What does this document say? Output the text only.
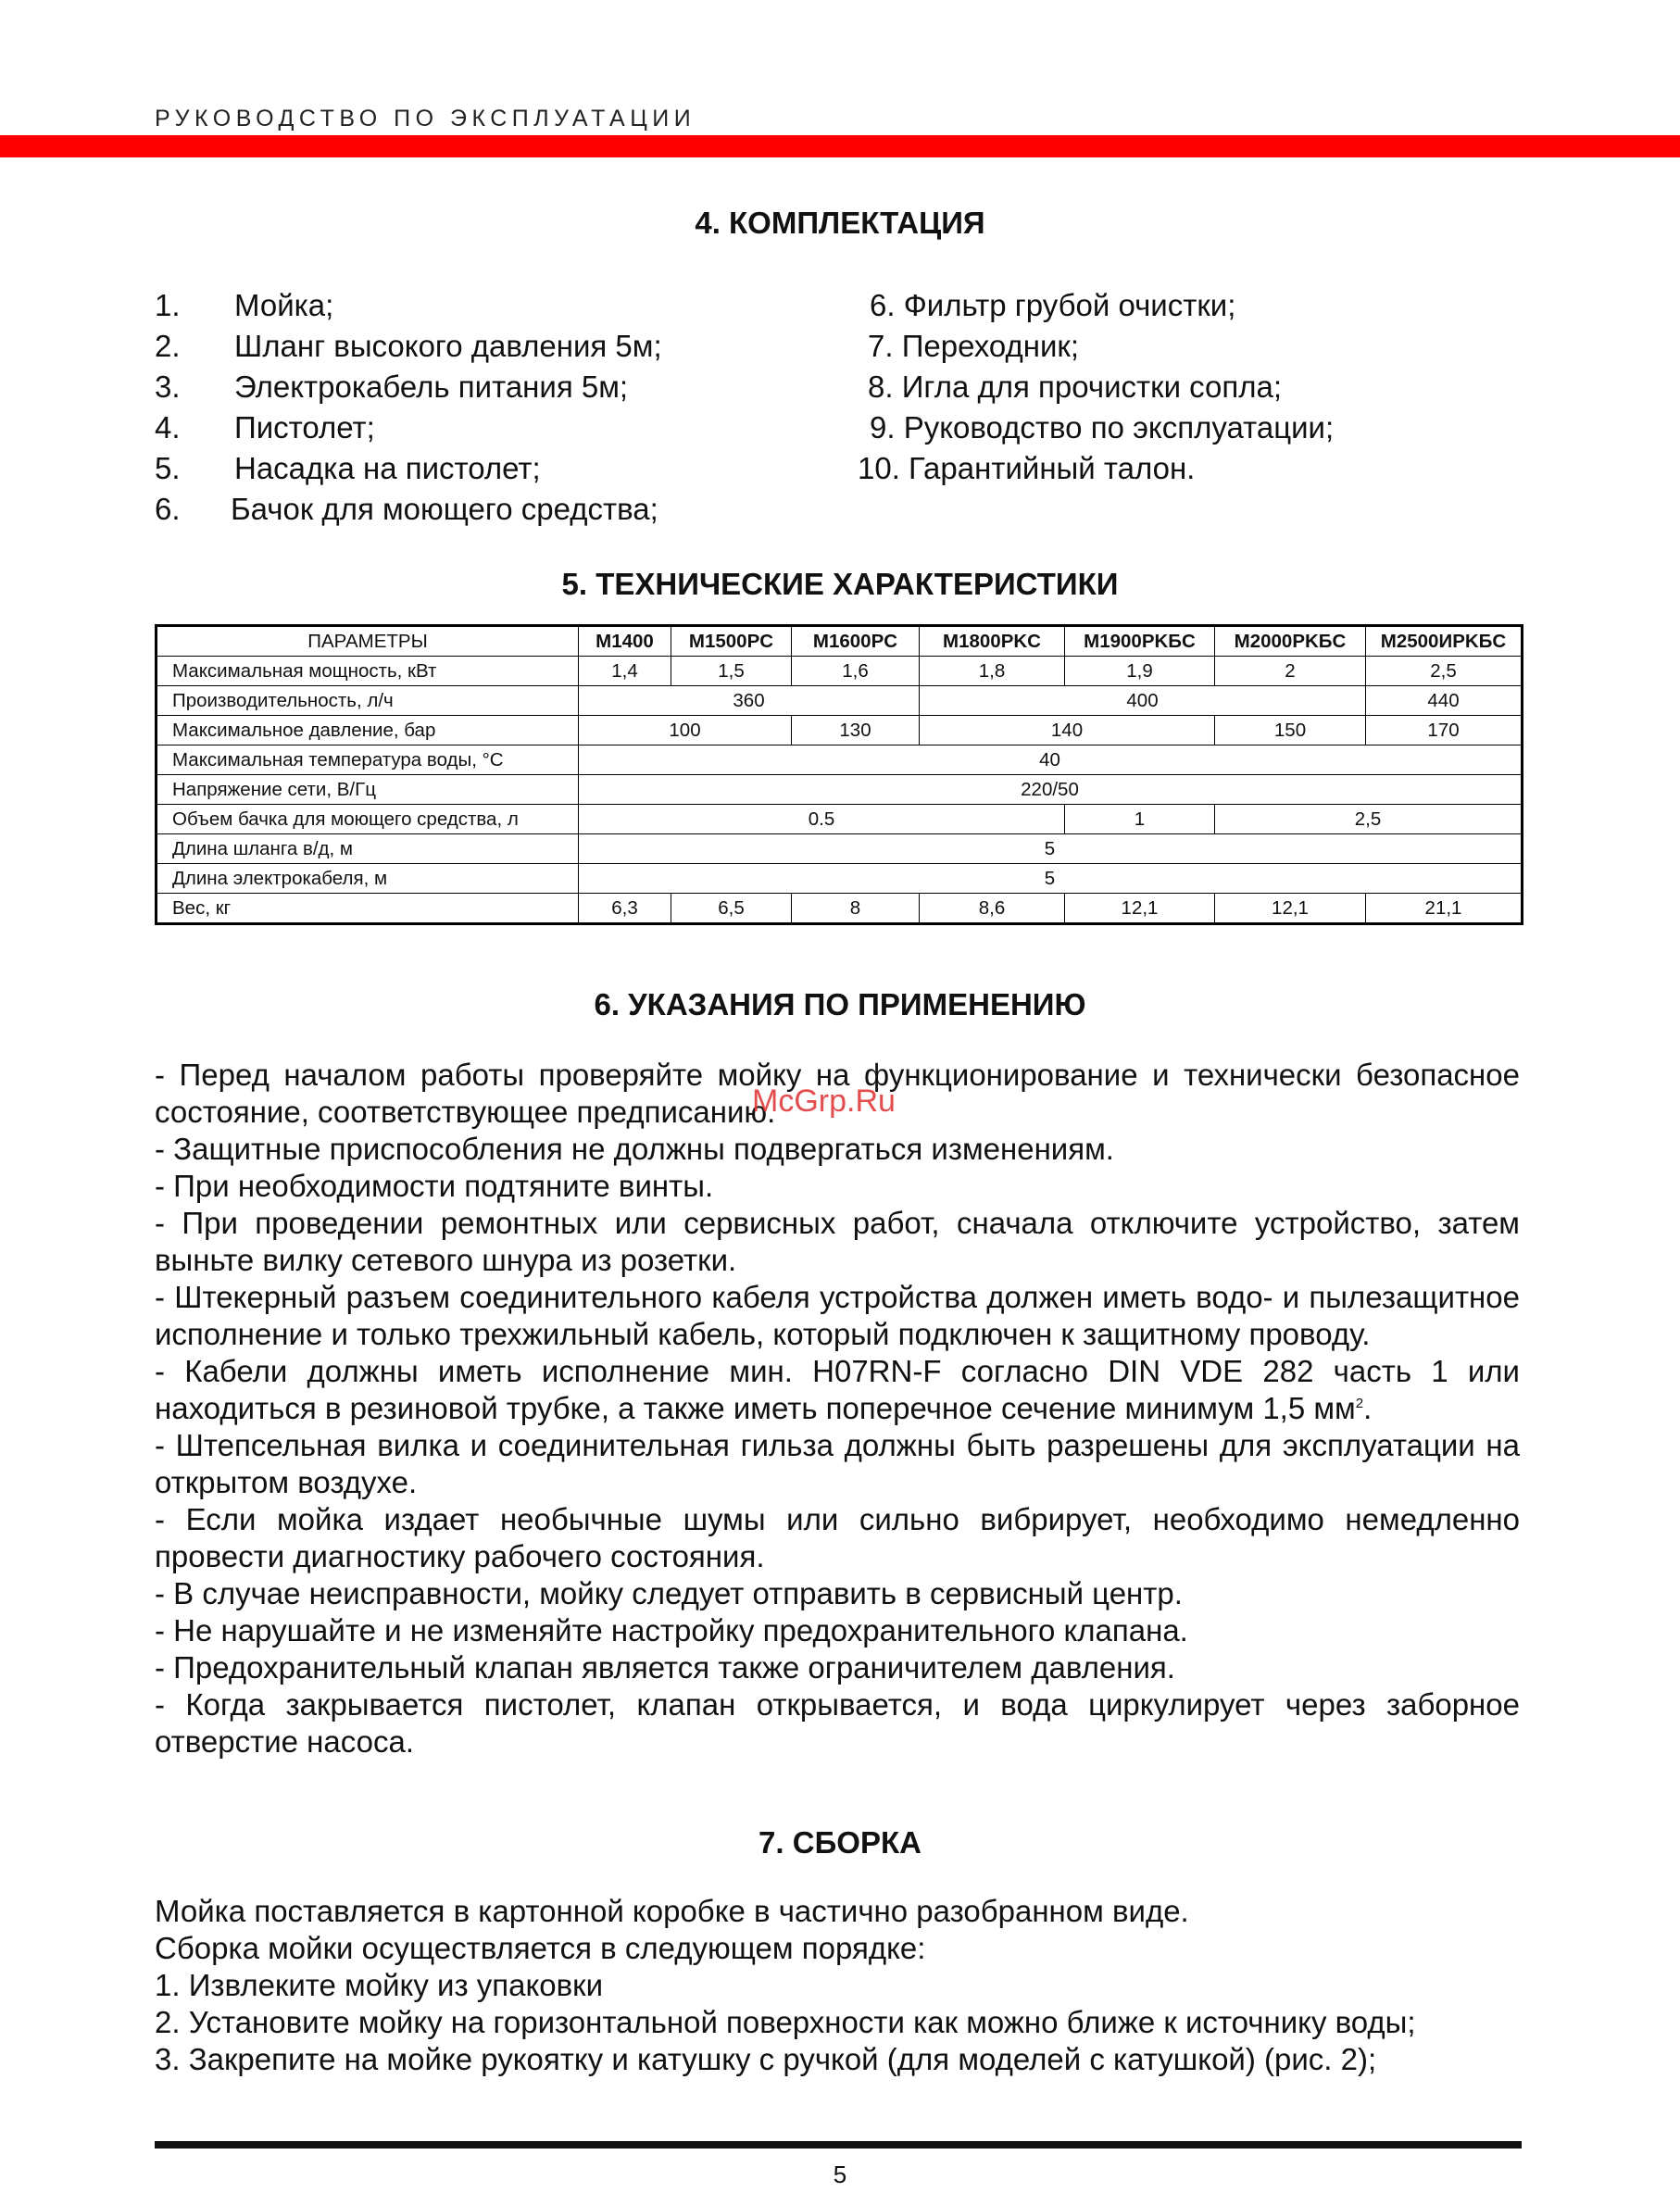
РУКОВОДСТВО ПО ЭКСПЛУАТАЦИИ
4. КОМПЛЕКТАЦИЯ
1. Мойка;
2. Шланг высокого давления 5м;
3. Электрокабель питания 5м;
4. Пистолет;
5. Насадка на пистолет;
6. Бачок для моющего средства;
6. Фильтр грубой очистки;
7. Переходник;
8. Игла для прочистки сопла;
9. Руководство по эксплуатации;
10. Гарантийный талон.
5. ТЕХНИЧЕСКИЕ ХАРАКТЕРИСТИКИ
ПАРАМЕТРЫ	M1400	M1500PC	M1600PC	M1800PKC	M1900PKБC	M2000PKБC	M2500ИPKБC
Максимальная мощность, кВт	1,4	1,5	1,6	1,8	1,9	2	2,5
Производительность, л/ч	360			400			440
Максимальное давление, бар	100		130	140		150	170
Максимальная температура воды, °С	40						
Напряжение сети, В/Гц	220/50						
Объем бачка для моющего средства, л	0.5				1	2,5	
Длина шланга в/д, м	5						
Длина электрокабеля, м	5						
Вес, кг	6,3	6,5	8	8,6	12,1	12,1	21,1
6. УКАЗАНИЯ ПО ПРИМЕНЕНИЮ

- Перед началом работы проверяйте мойку на функционирование и технически безопасное состояние, соответствующее предписанию.

- Защитные приспособления не должны подвергаться изменениям.

- При необходимости подтяните винты.

- При проведении ремонтных или сервисных работ, сначала отключите устройство, затем выньте вилку сетевого шнура из розетки.

- Штекерный разъем соединительного кабеля устройства должен иметь водо- и пылезащитное исполнение и только трехжильный кабель, который подключен к защитному проводу.

- Кабели должны иметь исполнение мин. H07RN-F согласно DIN VDE 282 часть 1 или находиться в резиновой трубке, а также иметь поперечное сечение минимум 1,5 $мм^2$.

- Штепсельная вилка и соединительная гильза должны быть разрешены для эксплуатации на открытом воздухе.

- Если мойка издает необычные шумы или сильно вибрирует, необходимо немедленно провести диагностику рабочего состояния.

- В случае неисправности, мойку следует отправить в сервисный центр.

- Не нарушайте и не изменяйте настройку предохранительного клапана.

- Предохранительный клапан является также ограничителем давления.

- Когда закрывается пистолет, клапан открывается, и вода циркулирует через заборное отверстие насоса.

McGrp.Ru
7. СБОРКА

Мойка поставляется в картонной коробке в частично разобранном виде.

Сборка мойки осуществляется в следующем порядке:

1. Извлеките мойку из упаковки

2. Установите мойку на горизонтальной поверхности как можно ближе к источнику воды;

3. Закрепите на мойке рукоятку и катушку с ручкой (для моделей с катушкой) (рис. 2);

5
